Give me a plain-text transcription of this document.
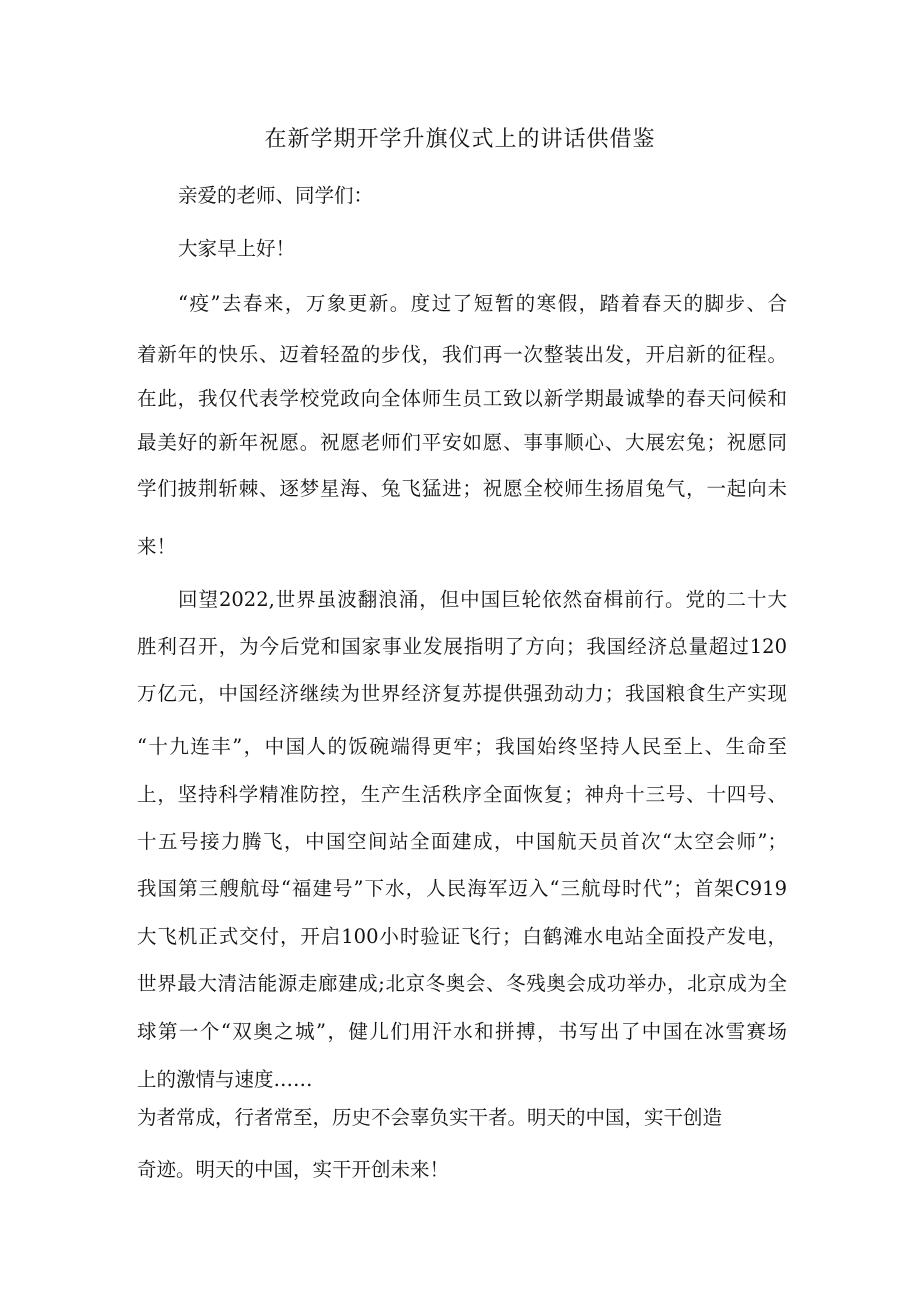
在新学期开学升旗仪式上的讲话供借鉴
亲爱的老师、同学们：
大家早上好！
“疫”去春来，万象更新。度过了短暂的寒假，踏着春天的脚步、合
着新年的快乐、迈着轻盈的步伐，我们再一次整装出发，开启新的征程。
在此，我仅代表学校党政向全体师生员工致以新学期最诚挚的春天问候和
最美好的新年祝愿。祝愿老师们平安如愿、事事顺心、大展宏兔；祝愿同
学们披荆斩棘、逐梦星海、兔飞猛进；祝愿全校师生扬眉兔气，一起向未
来！
回望2022,世界虽波翻浪涌，但中国巨轮依然奋楫前行。党的二十大
胜利召开，为今后党和国家事业发展指明了方向；我国经济总量超过120
万亿元，中国经济继续为世界经济复苏提供强劲动力；我国粮食生产实现
“十九连丰”，中国人的饭碗端得更牢；我国始终坚持人民至上、生命至
上，坚持科学精准防控，生产生活秩序全面恢复；神舟十三号、十四号、
十五号接力腾飞，中国空间站全面建成，中国航天员首次“太空会师”；
我国第三艘航母“福建号”下水，人民海军迈入“三航母时代”；首架C919
大飞机正式交付，开启100小时验证飞行；白鹤滩水电站全面投产发电，
世界最大清洁能源走廊建成;北京冬奥会、冬残奥会成功举办，北京成为全
球第一个“双奥之城”，健儿们用汗水和拼搏，书写出了中国在冰雪赛场
上的激情与速度……
为者常成，行者常至，历史不会辜负实干者。明天的中国，实干创造
奇迹。明天的中国，实干开创未来！
